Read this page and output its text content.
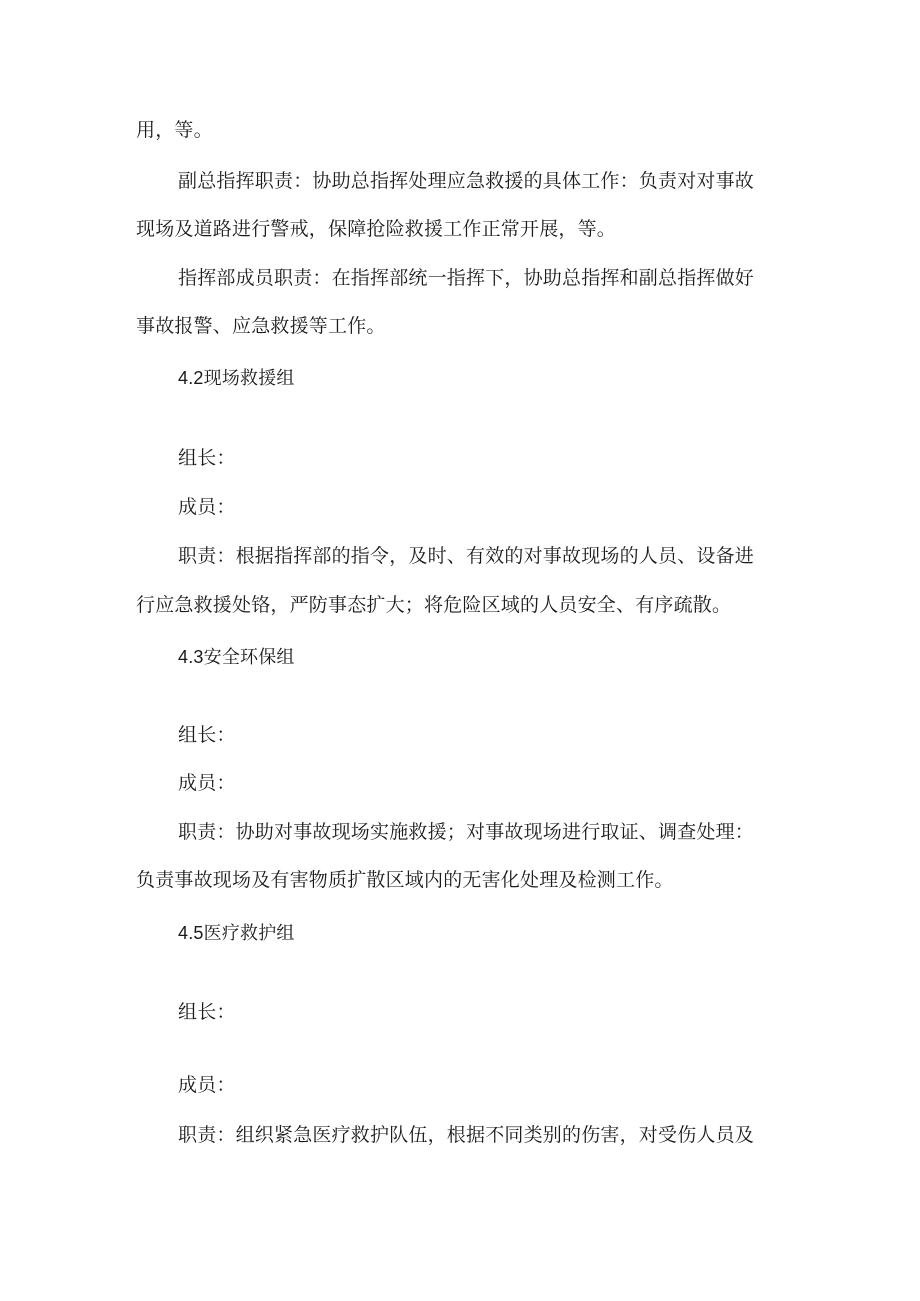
用，等。
副总指挥职责：协助总指挥处理应急救援的具体工作：负责对对事故
现场及道路进行警戒，保障抢险救援工作正常开展，等。
指挥部成员职责：在指挥部统一指挥下，协助总指挥和副总指挥做好
事故报警、应急救援等工作。
4.2现场救援组
组长：
成员：
职责：根据指挥部的指令，及时、有效的对事故现场的人员、设备进
行应急救援处铬，严防事态扩大；将危险区域的人员安全、有序疏散。
4.3安全环保组
组长：
成员：
职责：协助对事故现场实施救援；对事故现场进行取证、调查处理：
负责事故现场及有害物质扩散区域内的无害化处理及检测工作。
4.5医疗救护组
组长：
成员：
职责：组织紧急医疗救护队伍，根据不同类别的伤害，对受伤人员及
